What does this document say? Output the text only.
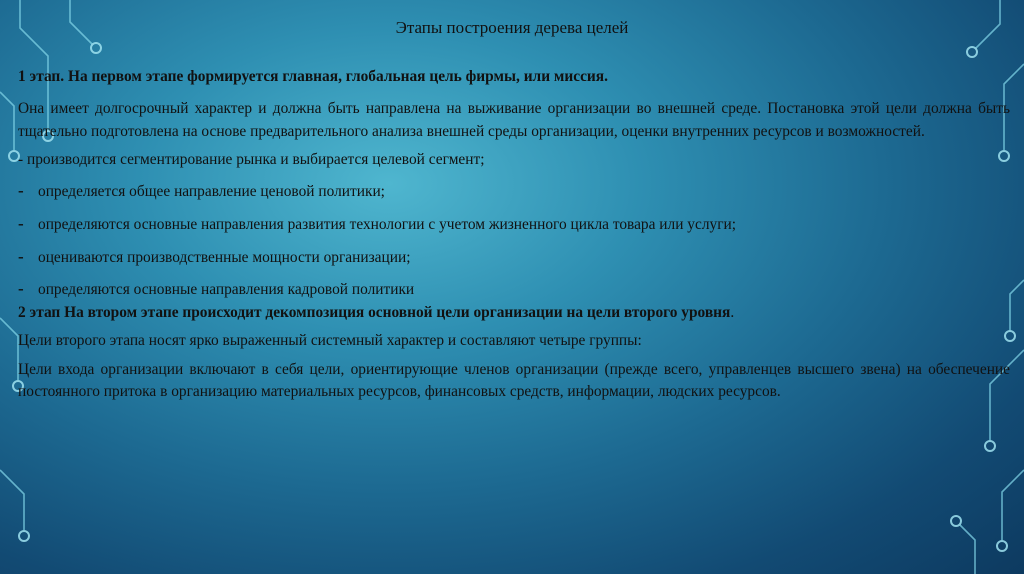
Этапы построения дерева целей

1 этап. На первом этапе формируется главная, глобальная цель фирмы, или миссия.

Она имеет долгосрочный характер и должна быть направлена на выживание организации во внешней среде. Постановка этой цели должна быть тщательно подготовлена на основе предварительного анализа внешней среды организации, оценки внутренних ресурсов и возможностей.

- производится сегментирование рынка и выбирается целевой сегмент;

- определяется общее направление ценовой политики;
- определяются основные направления развития технологии с учетом жизненного цикла товара или услуги;
- оцениваются производственные мощности организации;
- определяются основные направления кадровой политики

2 этап На втором этапе происходит декомпозиция основной цели организации на цели второго уровня.

Цели второго этапа носят ярко выраженный системный характер и составляют четыре группы:

Цели входа организации включают в себя цели, ориентирующие членов организации (прежде всего, управленцев высшего звена) на обеспечение постоянного притока в организацию материальных ресурсов, финансовых средств, информации, людских ресурсов.
